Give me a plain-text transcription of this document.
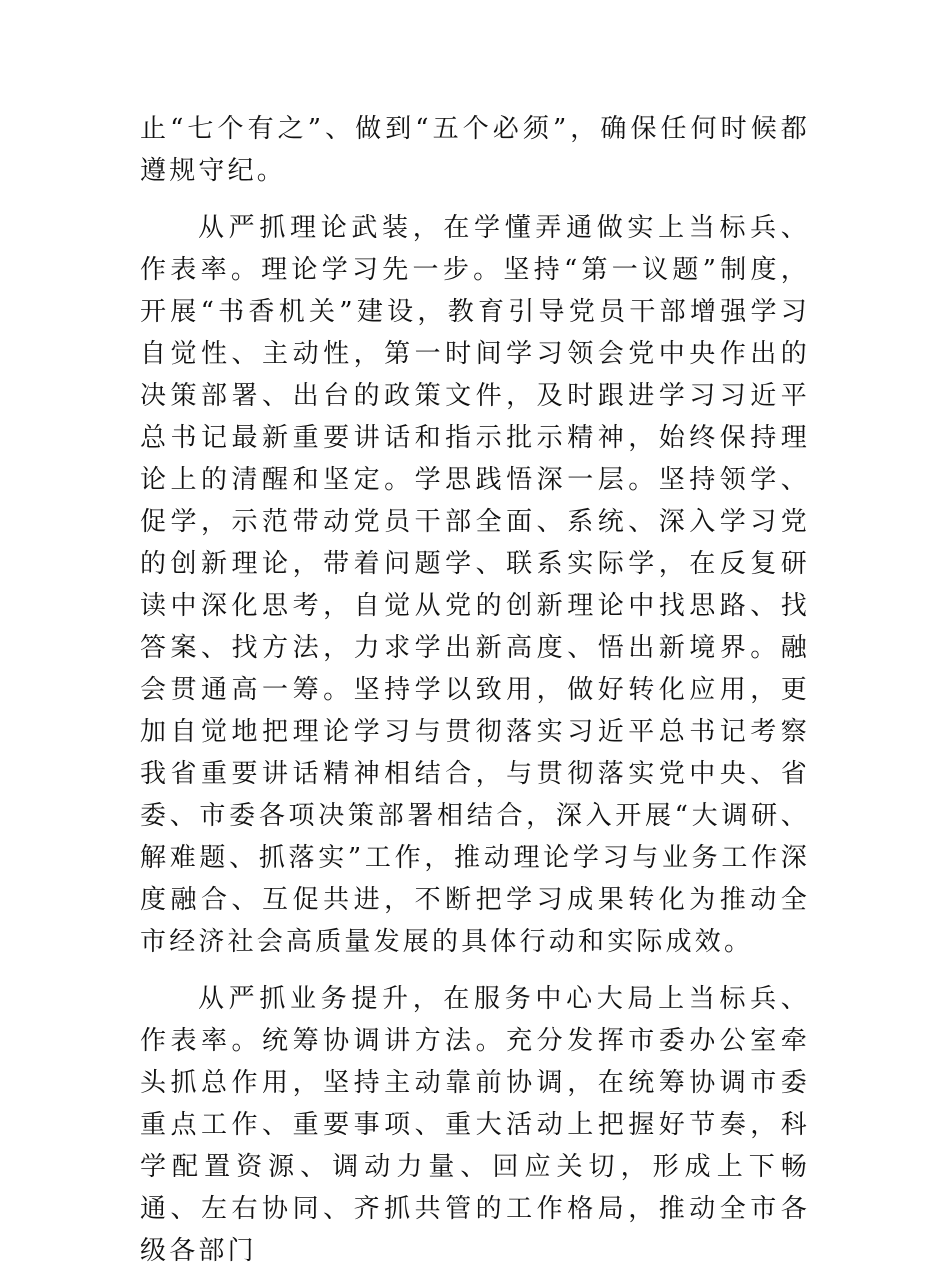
止“七个有之”、做到“五个必须”，确保任何时候都遵规守纪。

从严抓理论武装，在学懂弄通做实上当标兵、作表率。理论学习先一步。坚持“第一议题”制度，开展“书香机关”建设，教育引导党员干部增强学习自觉性、主动性，第一时间学习领会党中央作出的决策部署、出台的政策文件，及时跟进学习习近平总书记最新重要讲话和指示批示精神，始终保持理论上的清醒和坚定。学思践悟深一层。坚持领学、促学，示范带动党员干部全面、系统、深入学习党的创新理论，带着问题学、联系实际学，在反复研读中深化思考，自觉从党的创新理论中找思路、找答案、找方法，力求学出新高度、悟出新境界。融会贯通高一筹。坚持学以致用，做好转化应用，更加自觉地把理论学习与贯彻落实习近平总书记考察我省重要讲话精神相结合，与贯彻落实党中央、省委、市委各项决策部署相结合，深入开展“大调研、解难题、抓落实”工作，推动理论学习与业务工作深度融合、互促共进，不断把学习成果转化为推动全市经济社会高质量发展的具体行动和实际成效。

从严抓业务提升，在服务中心大局上当标兵、作表率。统筹协调讲方法。充分发挥市委办公室牵头抓总作用，坚持主动靠前协调，在统筹协调市委重点工作、重要事项、重大活动上把握好节奏，科学配置资源、调动力量、回应关切，形成上下畅通、左右协同、齐抓共管的工作格局，推动全市各级各部门
